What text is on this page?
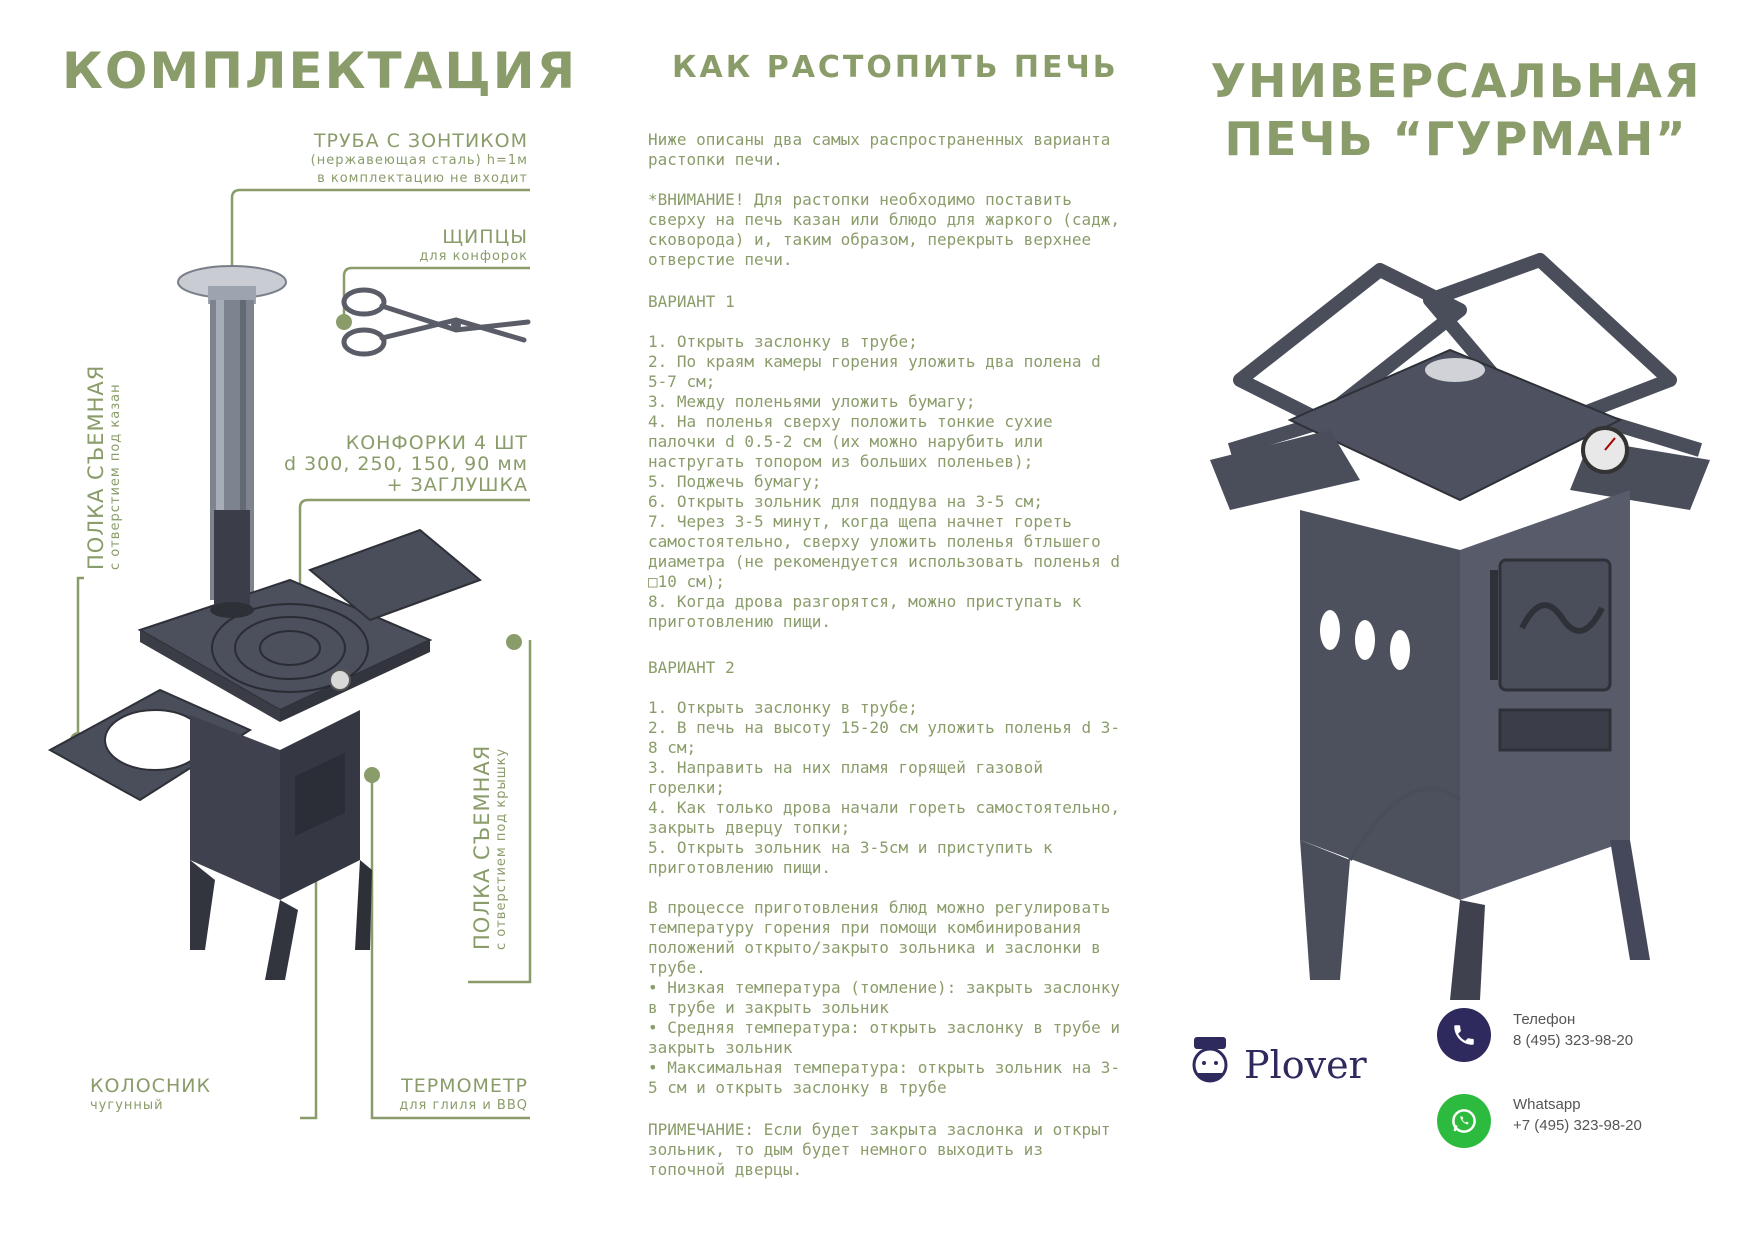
КОМПЛЕКТАЦИЯ
ТРУБА С ЗОНТИКОМ
(нержавеющая сталь) h=1м
в комплектацию не входит
ЩИПЦЫ
для конфорок
КОНФОРКИ 4 ШТ
d 300, 250, 150, 90 мм
+ ЗАГЛУШКА
ПОЛКА СЪЕМНАЯ с отверстием под казан
ПОЛКА СЪЕМНАЯ с отверстием под крышку
КОЛОСНИК
чугунный
ТЕРМОМЕТР
для глиля и BBQ
КАК РАСТОПИТЬ ПЕЧЬ
Ниже описаны два самых распространенных варианта растопки печи.
*ВНИМАНИЕ! Для растопки необходимо поставить сверху на печь казан или блюдо для жаркого (садж, сковорода) и, таким образом, перекрыть верхнее отверстие печи.
ВАРИАНТ 1

1. Открыть заслонку в трубе;

2. По краям камеры горения уложить два полена d 5-7 см;

3. Между поленьями уложить бумагу;

4. На поленья сверху положить тонкие сухие палочки d 0.5-2 см (их можно нарубить или настругать топором из больших поленьев);

5. Поджечь бумагу;

6. Открыть зольник для поддува на 3-5 см;

7. Через 3-5 минут, когда щепа начнет гореть самостоятельно, сверху уложить поленья бтльшего диаметра (не рекомендуется использовать поленья d □10 см);

8. Когда дрова разгорятся, можно приступать к приготовлению пищи.

ВАРИАНТ 2

1. Открыть заслонку в трубе;

2. В печь на высоту 15-20 см уложить поленья d 3-8 см;

3. Направить на них пламя горящей газовой горелки;

4. Как только дрова начали гореть самостоятельно, закрыть дверцу топки;

5. Открыть зольник на 3-5см и приступить к приготовлению пищи.

В процессе приготовления блюд можно регулировать температуру горения при помощи комбинирования положений открыто/закрыто зольника и заслонки в трубе.

• Низкая температура (томление): закрыть заслонку в трубе и закрыть зольник

• Средняя температура: открыть заслонку в трубе и закрыть зольник

• Максимальная температура: открыть зольник на 3-5 см и открыть заслонку в трубе

ПРИМЕЧАНИЕ: Если будет закрыта заслонка и открыт зольник, то дым будет немного выходить из топочной дверцы.
УНИВЕРСАЛЬНАЯ
ПЕЧЬ “ГУРМАН”
Plover
Телефон
8 (495) 323-98-20
Whatsapp
+7 (495) 323-98-20
